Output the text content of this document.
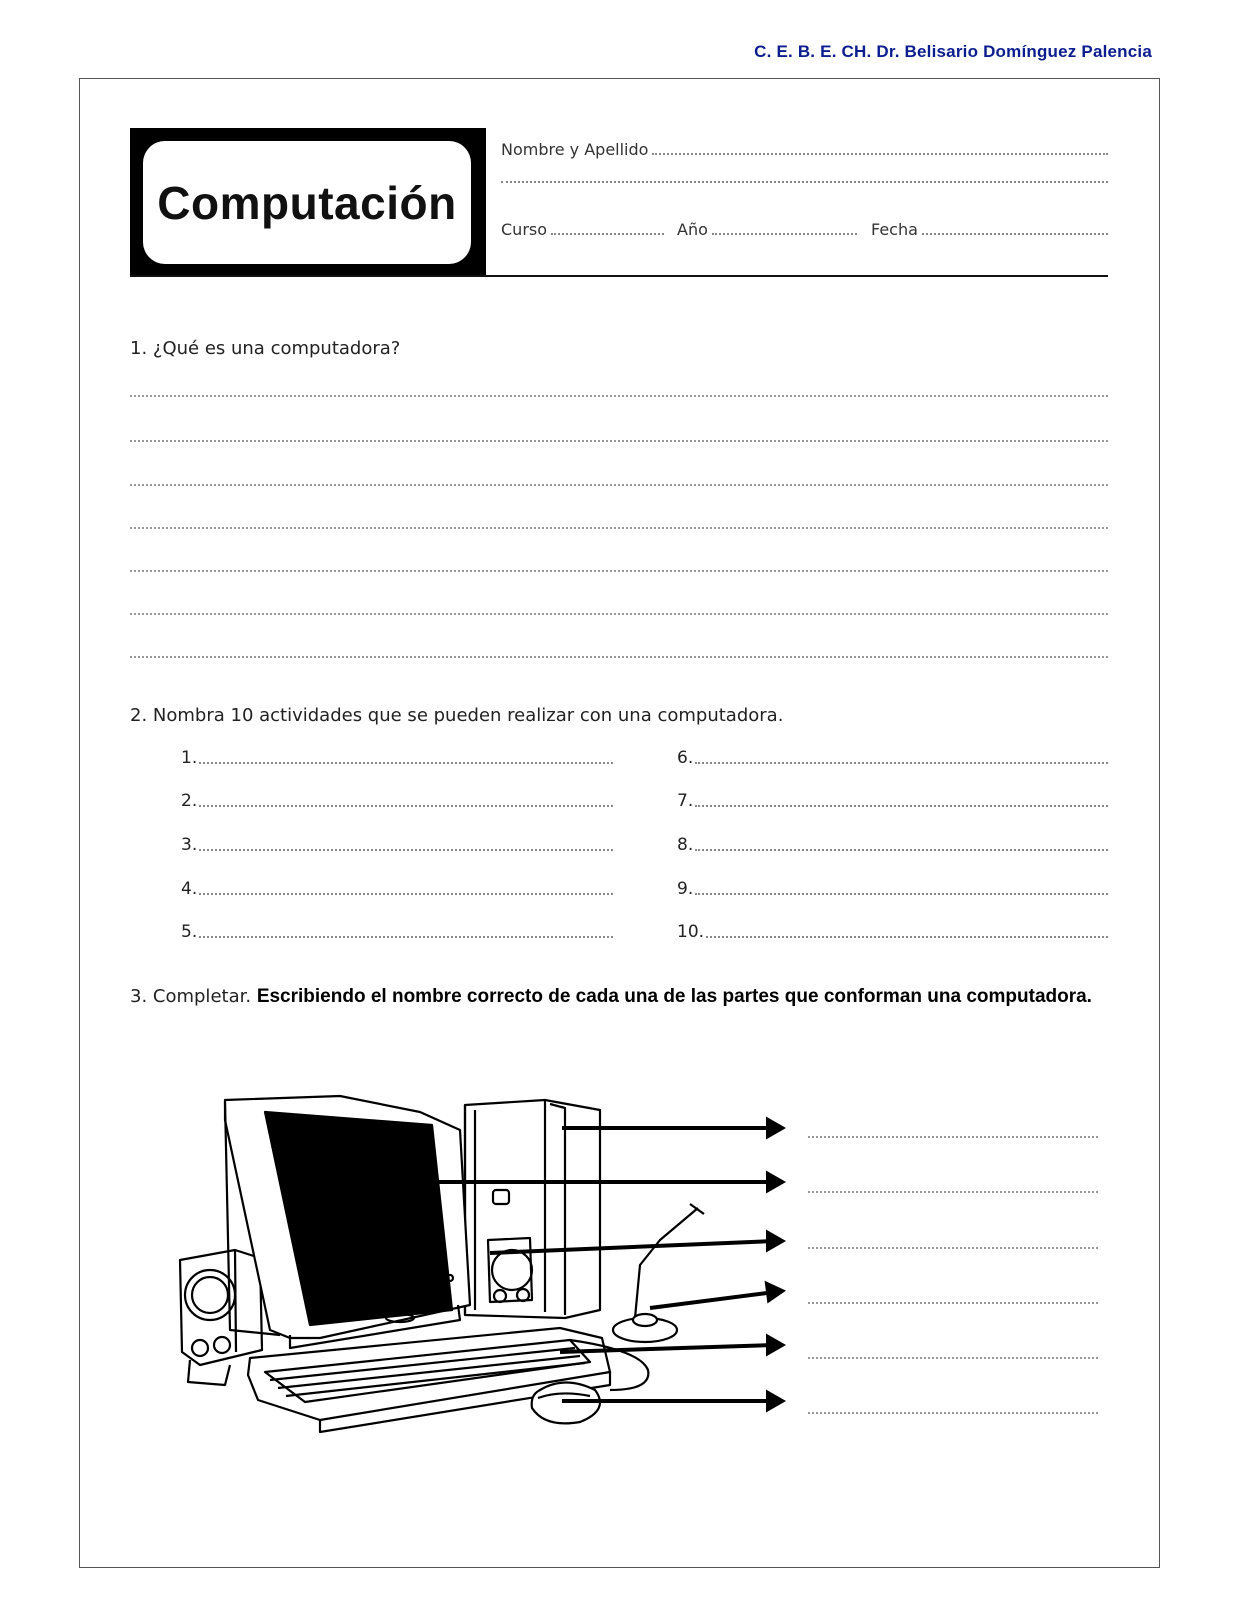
C. E. B. E. CH. Dr. Belisario Domínguez Palencia
Computación
Nombre y Apellido
Curso	Año	Fecha
1. ¿Qué es una computadora?
2. Nombra 10 actividades que se pueden realizar con una computadora.
1.
2.
3.
4.
5.
6.
7.
8.
9.
10.
3. Completar. Escribiendo el nombre correcto de cada una de las partes que conforman una computadora.
